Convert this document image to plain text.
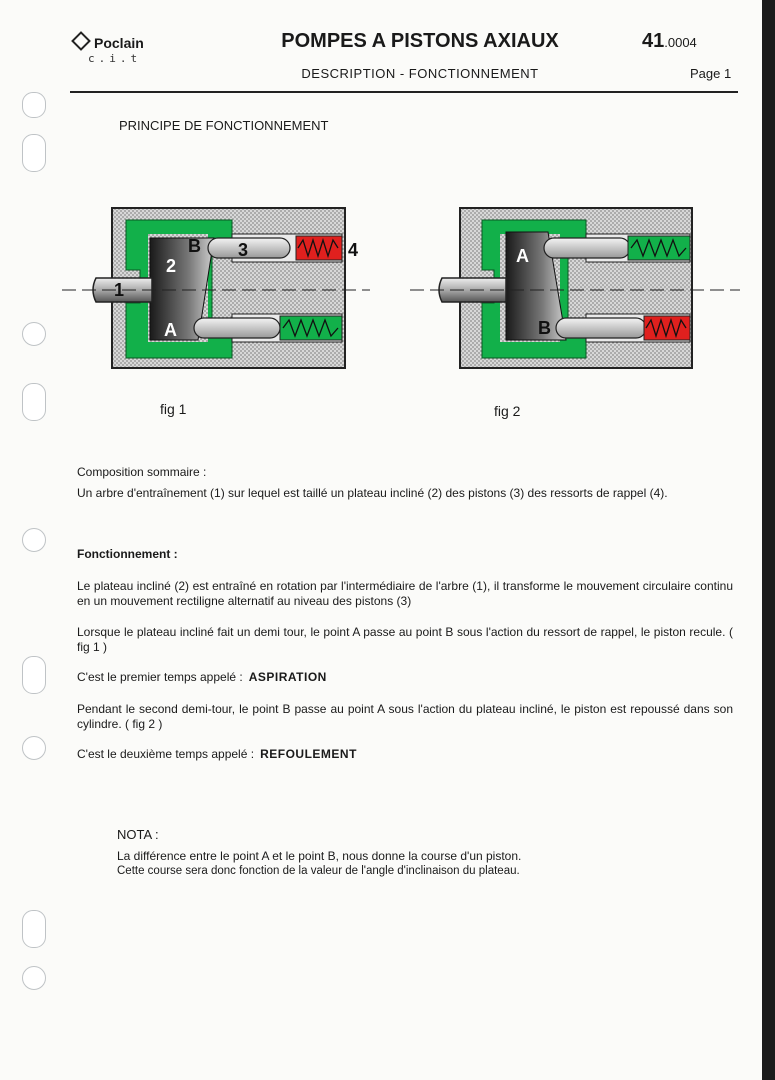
Poclain
c.i.t
POMPES A PISTONS AXIAUX
DESCRIPTION - FONCTIONNEMENT
41.0004
Page 1
PRINCIPE DE FONCTIONNEMENT
1
2
3	4
A
B	A
B
fig 1	fig 2
Composition sommaire :
Un arbre d'entraînement (1) sur lequel est taillé un plateau incliné (2) des pistons (3) des ressorts de rappel (4).
Fonctionnement :
Le plateau incliné (2) est entraîné en rotation par l'intermédiaire de l'arbre (1), il transforme le mouvement circulaire continu en un mouvement rectiligne alternatif au niveau des pistons (3)
Lorsque le plateau incliné fait un demi tour, le point A passe au point B sous l'action du ressort de rappel, le piston recule. ( fig 1 )
C'est le premier temps appelé : ASPIRATION
Pendant le second demi-tour, le point B passe au point A sous l'action du plateau incliné, le piston est repoussé dans son cylindre. ( fig 2 )
C'est le deuxième temps appelé : REFOULEMENT
NOTA :
La différence entre le point A et le point B, nous donne la course d'un piston.
Cette course sera donc fonction de la valeur de l'angle d'inclinaison du plateau.
